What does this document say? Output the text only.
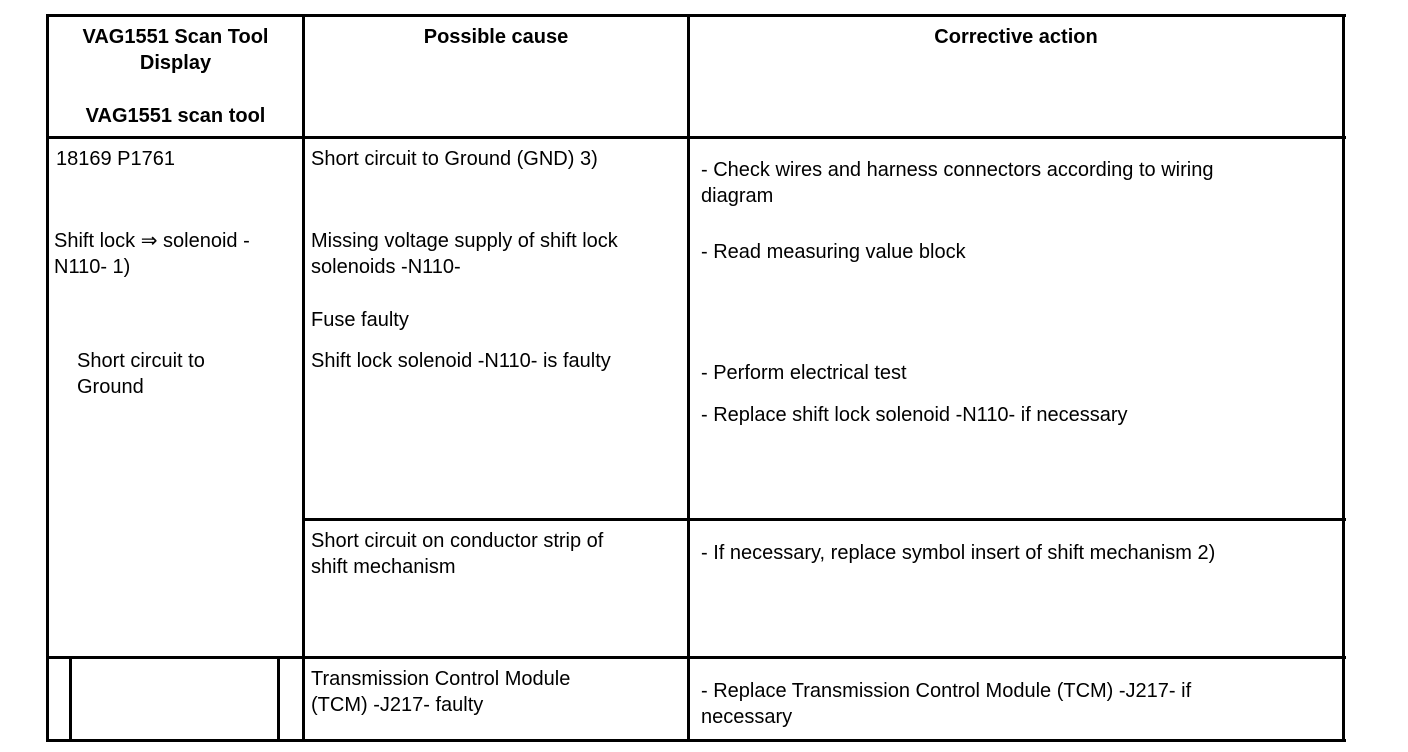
VAG1551 Scan Tool
Display
VAG1551 scan tool
Possible cause	Corrective action
18169 P1761
Shift lock ⇒ solenoid -
N110- 1)
Short circuit to
Ground
Short circuit to Ground (GND) 3)
Missing voltage supply of shift lock
solenoids -N110-
Fuse faulty
Shift lock solenoid -N110- is faulty
Short circuit on conductor strip of
shift mechanism
Transmission Control Module
(TCM) -J217- faulty
- Check wires and harness connectors according to wiring
diagram
- Read measuring value block
- Perform electrical test
- Replace shift lock solenoid -N110- if necessary
- If necessary, replace symbol insert of shift mechanism 2)
- Replace Transmission Control Module (TCM) -J217- if
necessary
